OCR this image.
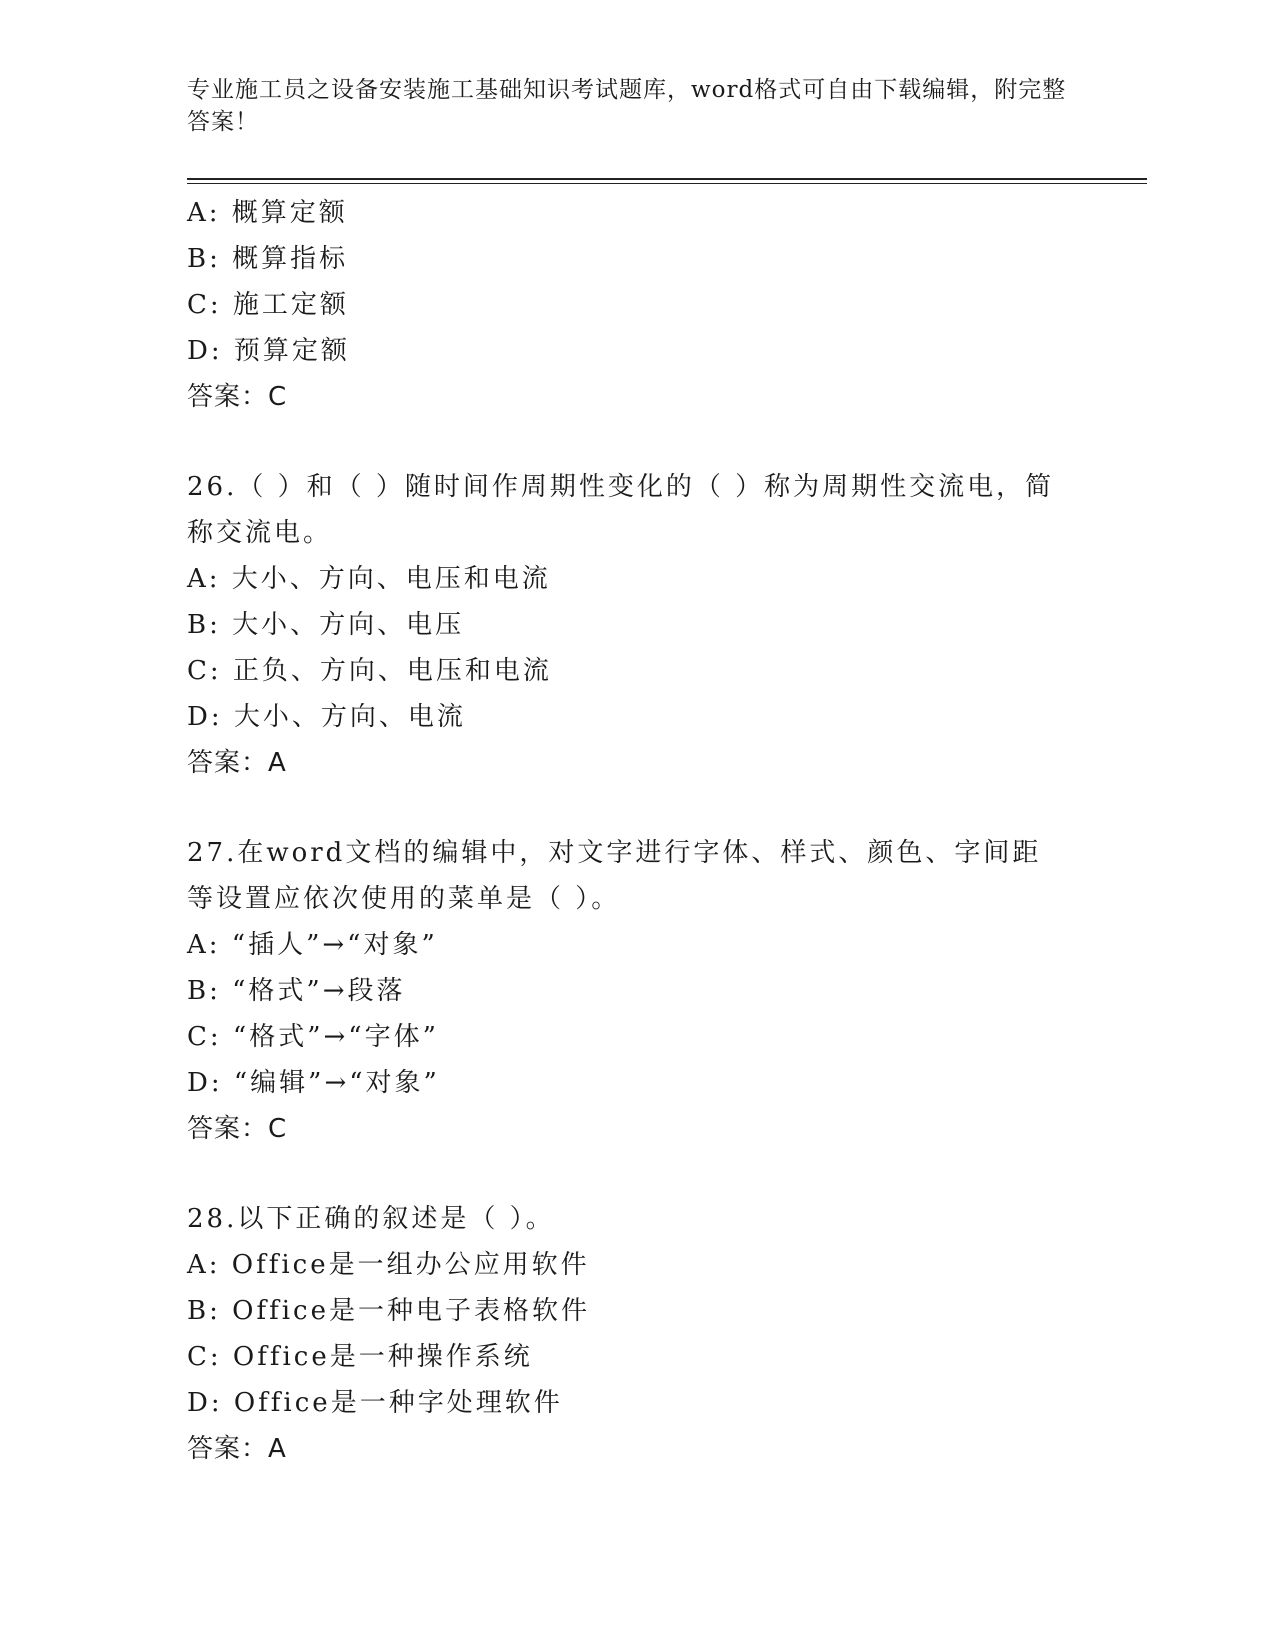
专业施工员之设备安装施工基础知识考试题库，word格式可自由下载编辑，附完整答案！
A: 概算定额
B: 概算指标
C: 施工定额
D: 预算定额
答案：C
26.（ ）和（ ）随时间作周期性变化的（ ）称为周期性交流电，简称交流电。
A: 大小、方向、电压和电流
B: 大小、方向、电压
C: 正负、方向、电压和电流
D: 大小、方向、电流
答案：A
27.在word文档的编辑中，对文字进行字体、样式、颜色、字间距等设置应依次使用的菜单是（ ）。
A: “插人”→“对象”
B: “格式”→段落
C: “格式”→“字体”
D: “编辑”→“对象”
答案：C
28.以下正确的叙述是（ ）。
A: Office是一组办公应用软件
B: Office是一种电子表格软件
C: Office是一种操作系统
D: Office是一种字处理软件
答案：A
